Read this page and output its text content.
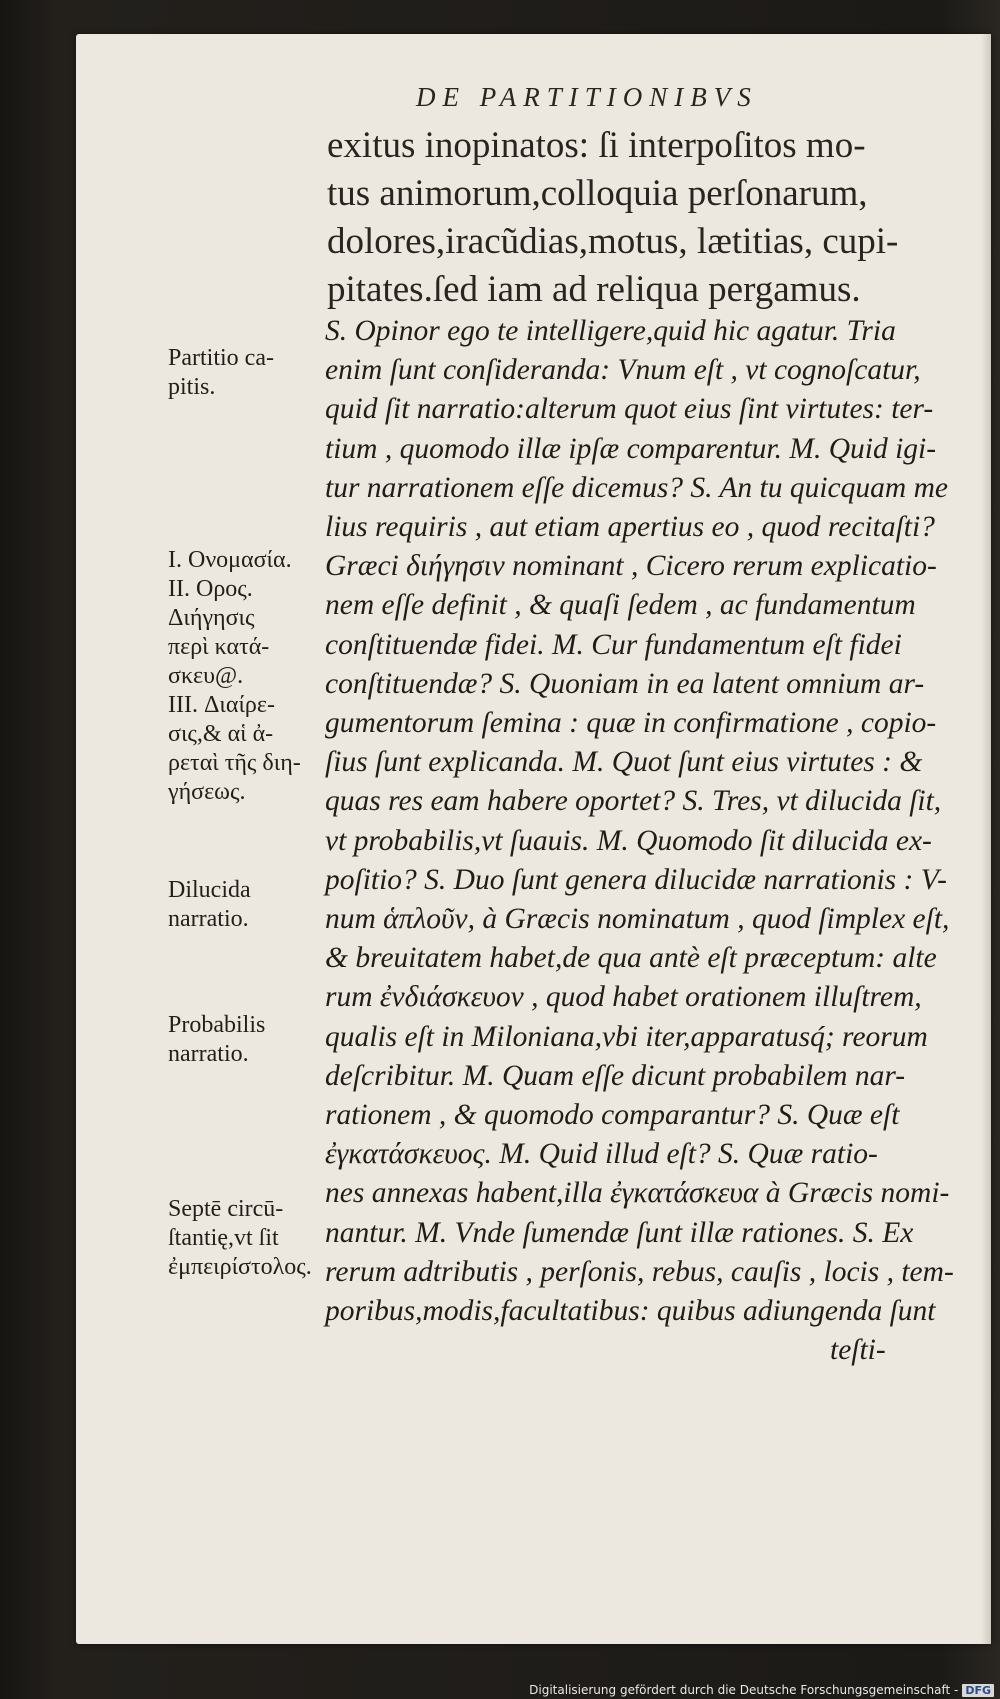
DE PARTITIONIBVS
exitus inopinatos: ſi interpoſitos mo-
tus animorum,colloquia perſonarum,
dolores,iracũdias,motus, lætitias, cupi-
pitates.ſed iam ad reliqua pergamus.
S. Opinor ego te intelligere,quid hic agatur. Tria
enim ſunt conſideranda: Vnum eſt , vt cognoſcatur,
quid ſit narratio:alterum quot eius ſint virtutes: ter-
tium , quomodo illæ ipſæ comparentur. M. Quid igi-
tur narrationem eſſe dicemus? S. An tu quicquam me
lius requiris , aut etiam apertius eo , quod recitaſti?
Græci διήγησιν nominant , Cicero rerum explicatio-
nem eſſe definit , & quaſi ſedem , ac fundamentum
conſtituendæ fidei. M. Cur fundamentum eſt fidei
conſtituendæ? S. Quoniam in ea latent omnium ar-
gumentorum ſemina : quæ in confirmatione , copio-
ſius ſunt explicanda. M. Quot ſunt eius virtutes : &
quas res eam habere oportet? S. Tres, vt dilucida ſit,
vt probabilis,vt ſuauis. M. Quomodo ſit dilucida ex-
poſitio? S. Duo ſunt genera dilucidæ narrationis : V-
num ἁπλοῦν, à Græcis nominatum , quod ſimplex eſt,
& breuitatem habet,de qua antè eſt præceptum: alte
rum ἐνδιάσκευον , quod habet orationem illuſtrem,
qualis eſt in Miloniana,vbi iter,apparatusq́; reorum
deſcribitur. M. Quam eſſe dicunt probabilem nar-
rationem , & quomodo comparantur? S. Quæ eſt
ἐγκατάσκευος. M. Quid illud eſt? S. Quæ ratio-
nes annexas habent,illa ἐγκατάσκευα à Græcis nomi-
nantur. M. Vnde ſumendæ ſunt illæ rationes. S. Ex
rerum adtributis , perſonis, rebus, cauſis , locis , tem-
poribus,modis,facultatibus: quibus adiungenda ſunt
teſti-
Partitio ca-
pitis.
I. Ονομασία.
II. Ορος.
Διήγησις
περὶ κατά-
σκευ@.
III. Διαίρε-
σις,& αἱ ἀ-
ρεταὶ τῆς διη-
γήσεως.
Dilucida
narratio.
Probabilis
narratio.
Septē circū-
ſtantię,vt ſit
ἐμπειρίστολος.
Digitalisierung gefördert durch die Deutsche Forschungsgemeinschaft - DFG
